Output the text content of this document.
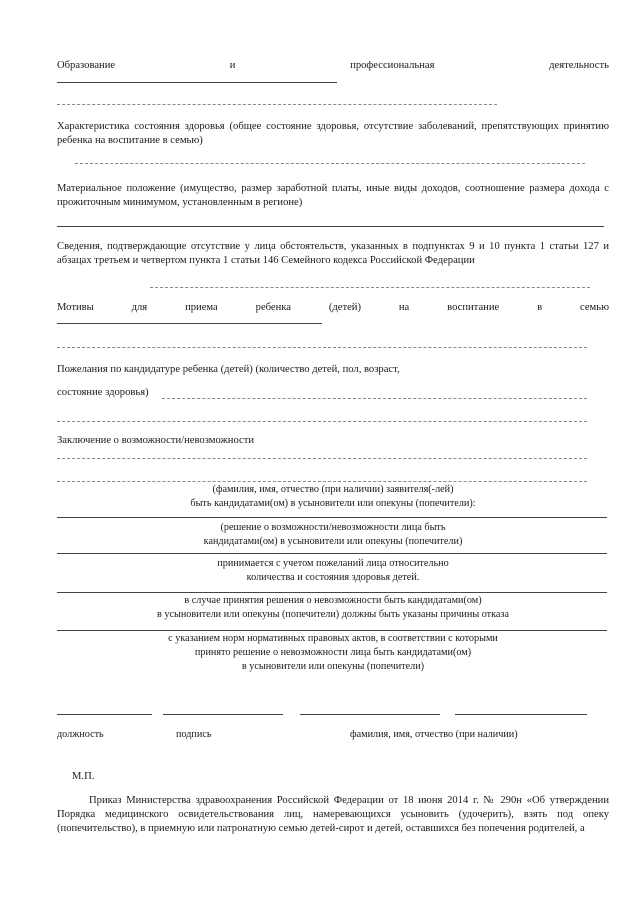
Образование	и	профессиональная	деятельность
Характеристика состояния здоровья (общее состояние здоровья, отсутствие заболеваний, препятствующих принятию ребенка на воспитание в семью)
Материальное положение (имущество, размер заработной платы, иные виды доходов, соотношение размера дохода с прожиточным минимумом, установленным в регионе)
Сведения, подтверждающие отсутствие у лица обстоятельств, указанных в подпунктах 9 и 10 пункта 1 статьи 127 и абзацах третьем и четвертом пункта 1 статьи 146 Семейного кодекса Российской Федерации
Мотивы	для	приема	ребенка	(детей)	на	воспитание	в	семью
Пожелания по кандидатуре ребенка (детей) (количество детей, пол, возраст,
состояние здоровья)
Заключение о возможности/невозможности
(фамилия, имя, отчество (при наличии) заявителя(-лей)
быть кандидатами(ом) в усыновители или опекуны (попечители):
(решение о возможности/невозможности лица быть
кандидатами(ом) в усыновители или опекуны (попечители)
принимается с учетом пожеланий лица относительно
количества и состояния здоровья детей.
в случае принятия решения о невозможности быть кандидатами(ом)
в усыновители или опекуны (попечители) должны быть указаны причины отказа
с указанием норм нормативных правовых актов, в соответствии с которыми
принято решение о невозможности лица быть кандидатами(ом)
в усыновители или опекуны (попечители)
должность	подпись	фамилия, имя, отчество (при наличии)
М.П.
Приказ Министерства здравоохранения Российской Федерации от 18 июня 2014 г. № 290н «Об утверждении Порядка медицинского освидетельствования лиц, намеревающихся усыновить (удочерить), взять под опеку (попечительство), в приемную или патронатную семью детей-сирот и детей, оставшихся без попечения родителей, а
